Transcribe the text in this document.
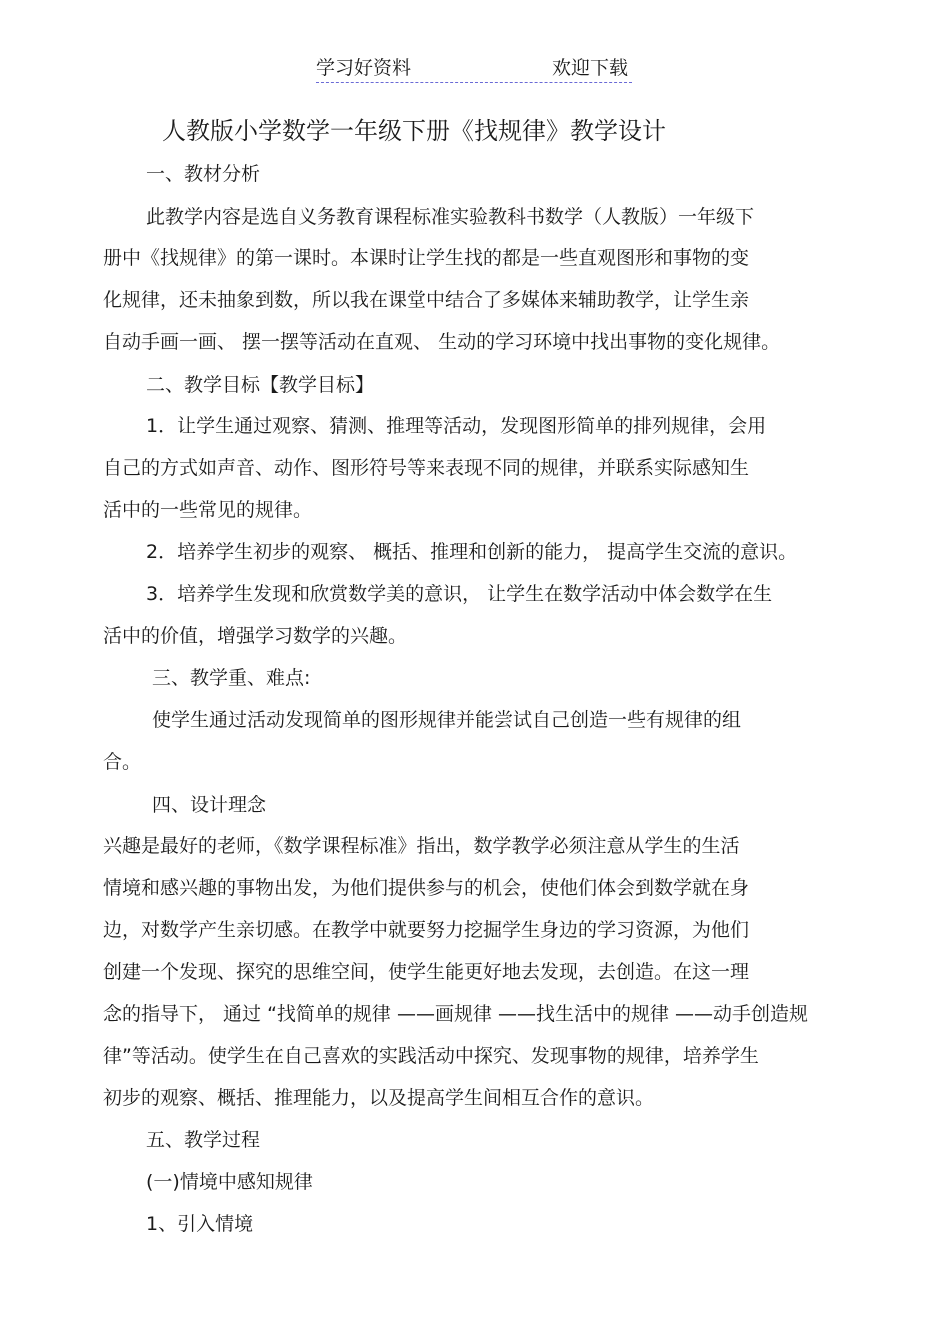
学习好资料	欢迎下载
人教版小学数学一年级下册《找规律》教学设计
一、教材分析
此教学内容是选自义务教育课程标准实验教科书数学（人教版）一年级下
册中《找规律》的第一课时。本课时让学生找的都是一些直观图形和事物的变
化规律，还未抽象到数，所以我在课堂中结合了多媒体来辅助教学，让学生亲
自动手画一画、 摆一摆等活动在直观、 生动的学习环境中找出事物的变化规律。
二、教学目标【教学目标】
1．让学生通过观察、猜测、推理等活动，发现图形简单的排列规律，会用
自己的方式如声音、动作、图形符号等来表现不同的规律，并联系实际感知生
活中的一些常见的规律。
2．培养学生初步的观察、 概括、推理和创新的能力， 提高学生交流的意识。
3．培养学生发现和欣赏数学美的意识， 让学生在数学活动中体会数学在生
活中的价值，增强学习数学的兴趣。
三、教学重、难点:
使学生通过活动发现简单的图形规律并能尝试自己创造一些有规律的组
合。
四、设计理念
兴趣是最好的老师，《数学课程标准》指出，数学教学必须注意从学生的生活
情境和感兴趣的事物出发，为他们提供参与的机会，使他们体会到数学就在身
边，对数学产生亲切感。在教学中就要努力挖掘学生身边的学习资源，为他们
创建一个发现、探究的思维空间，使学生能更好地去发现，去创造。在这一理
念的指导下， 通过 “找简单的规律 ——画规律 ——找生活中的规律 ——动手创造规
律”等活动。使学生在自己喜欢的实践活动中探究、发现事物的规律，培养学生
初步的观察、概括、推理能力，以及提高学生间相互合作的意识。
五、教学过程
(一)情境中感知规律
1、引入情境
